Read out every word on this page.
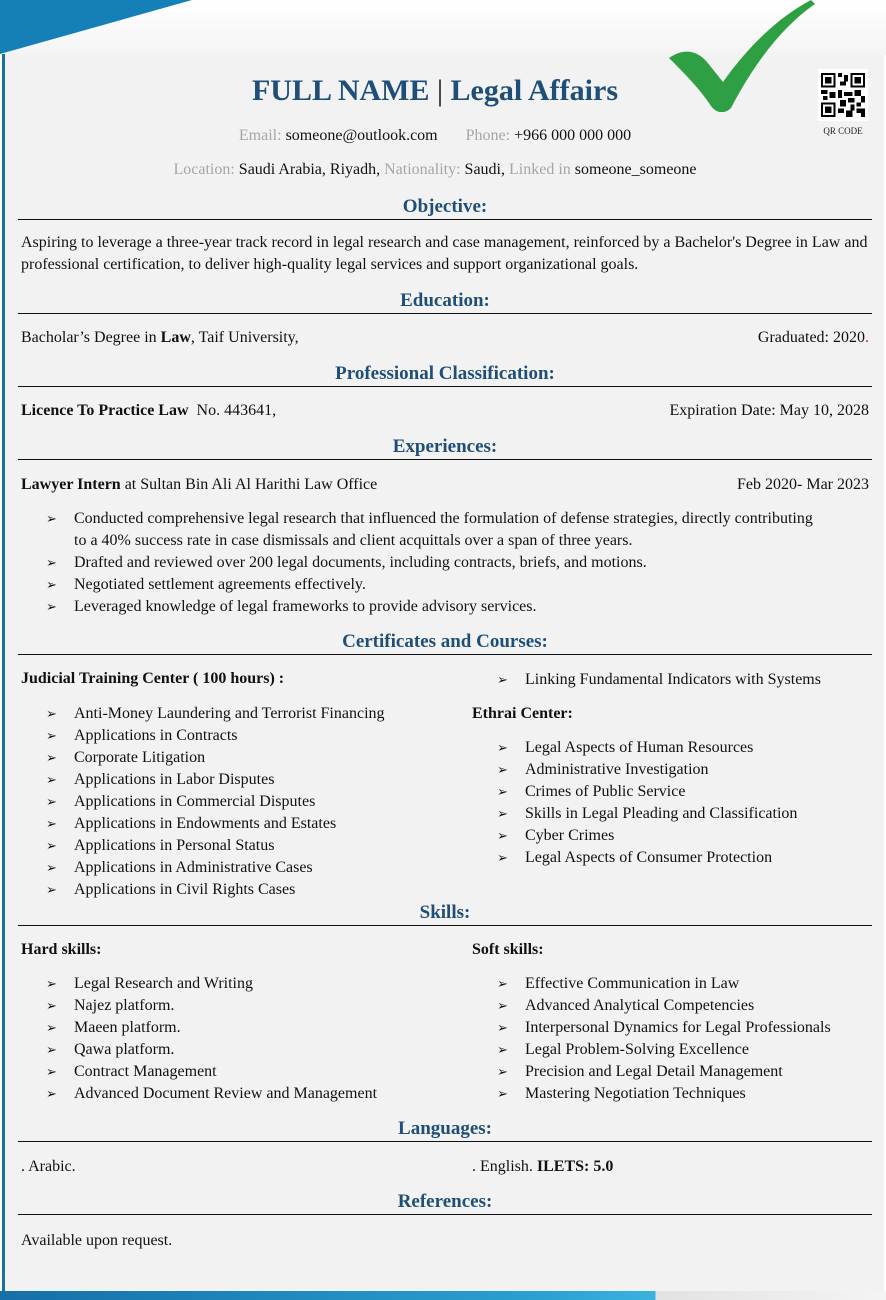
QR CODE
FULL NAME | Legal Affairs
Email: someone@outlook.com Phone: +966 000 000 000
Location: Saudi Arabia, Riyadh, Nationality: Saudi, Linked in someone_someone
Objective:
Aspiring to leverage a three-year track record in legal research and case management, reinforced by a Bachelor's Degree in Law and professional certification, to deliver high-quality legal services and support organizational goals.
Education:
Bacholar’s Degree in Law, Taif University,	Graduated: 2020.
Professional Classification:
Licence To Practice Law No. 443641,	Expiration Date: May 10, 2028
Experiences:
Lawyer Intern at Sultan Bin Ali Al Harithi Law Office	Feb 2020- Mar 2023
➢ Conducted comprehensive legal research that influenced the formulation of defense strategies, directly contributing to a 40% success rate in case dismissals and client acquittals over a span of three years.
➢ Drafted and reviewed over 200 legal documents, including contracts, briefs, and motions.
➢ Negotiated settlement agreements effectively.
➢ Leveraged knowledge of legal frameworks to provide advisory services.
Certificates and Courses:
Judicial Training Center ( 100 hours) :
➢ Anti-Money Laundering and Terrorist Financing
➢ Applications in Contracts
➢ Corporate Litigation
➢ Applications in Labor Disputes
➢ Applications in Commercial Disputes
➢ Applications in Endowments and Estates
➢ Applications in Personal Status
➢ Applications in Administrative Cases
➢ Applications in Civil Rights Cases
➢ Linking Fundamental Indicators with Systems
Ethrai Center:
➢ Legal Aspects of Human Resources
➢ Administrative Investigation
➢ Crimes of Public Service
➢ Skills in Legal Pleading and Classification
➢ Cyber Crimes
➢ Legal Aspects of Consumer Protection
Skills:
Hard skills:
➢ Legal Research and Writing
➢ Najez platform.
➢ Maeen platform.
➢ Qawa platform.
➢ Contract Management
➢ Advanced Document Review and Management
Soft skills:
➢ Effective Communication in Law
➢ Advanced Analytical Competencies
➢ Interpersonal Dynamics for Legal Professionals
➢ Legal Problem-Solving Excellence
➢ Precision and Legal Detail Management
➢ Mastering Negotiation Techniques
Languages:
. Arabic.	. English. ILETS: 5.0
References:
Available upon request.
